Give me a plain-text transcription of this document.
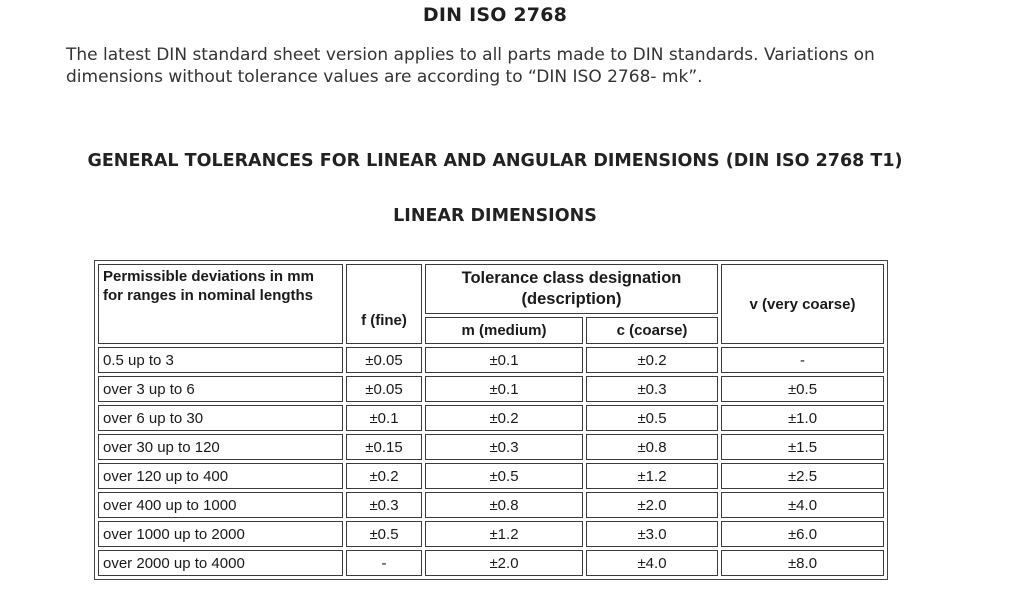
DIN ISO 2768

The latest DIN standard sheet version applies to all parts made to DIN standards. Variations on dimensions without tolerance values are according to “DIN ISO 2768- mk”.

GENERAL TOLERANCES FOR LINEAR AND ANGULAR DIMENSIONS (DIN ISO 2768 T1)
LINEAR DIMENSIONS
Permissible deviations in mm for ranges in nominal lengths	f (fine)	Tolerance class designation (description)		v (very coarse)
		m (medium)	c (coarse)	
0.5 up to 3	±0.05	±0.1	±0.2	-
over 3 up to 6	±0.05	±0.1	±0.3	±0.5
over 6 up to 30	±0.1	±0.2	±0.5	±1.0
over 30 up to 120	±0.15	±0.3	±0.8	±1.5
over 120 up to 400	±0.2	±0.5	±1.2	±2.5
over 400 up to 1000	±0.3	±0.8	±2.0	±4.0
over 1000 up to 2000	±0.5	±1.2	±3.0	±6.0
over 2000 up to 4000	-	±2.0	±4.0	±8.0
